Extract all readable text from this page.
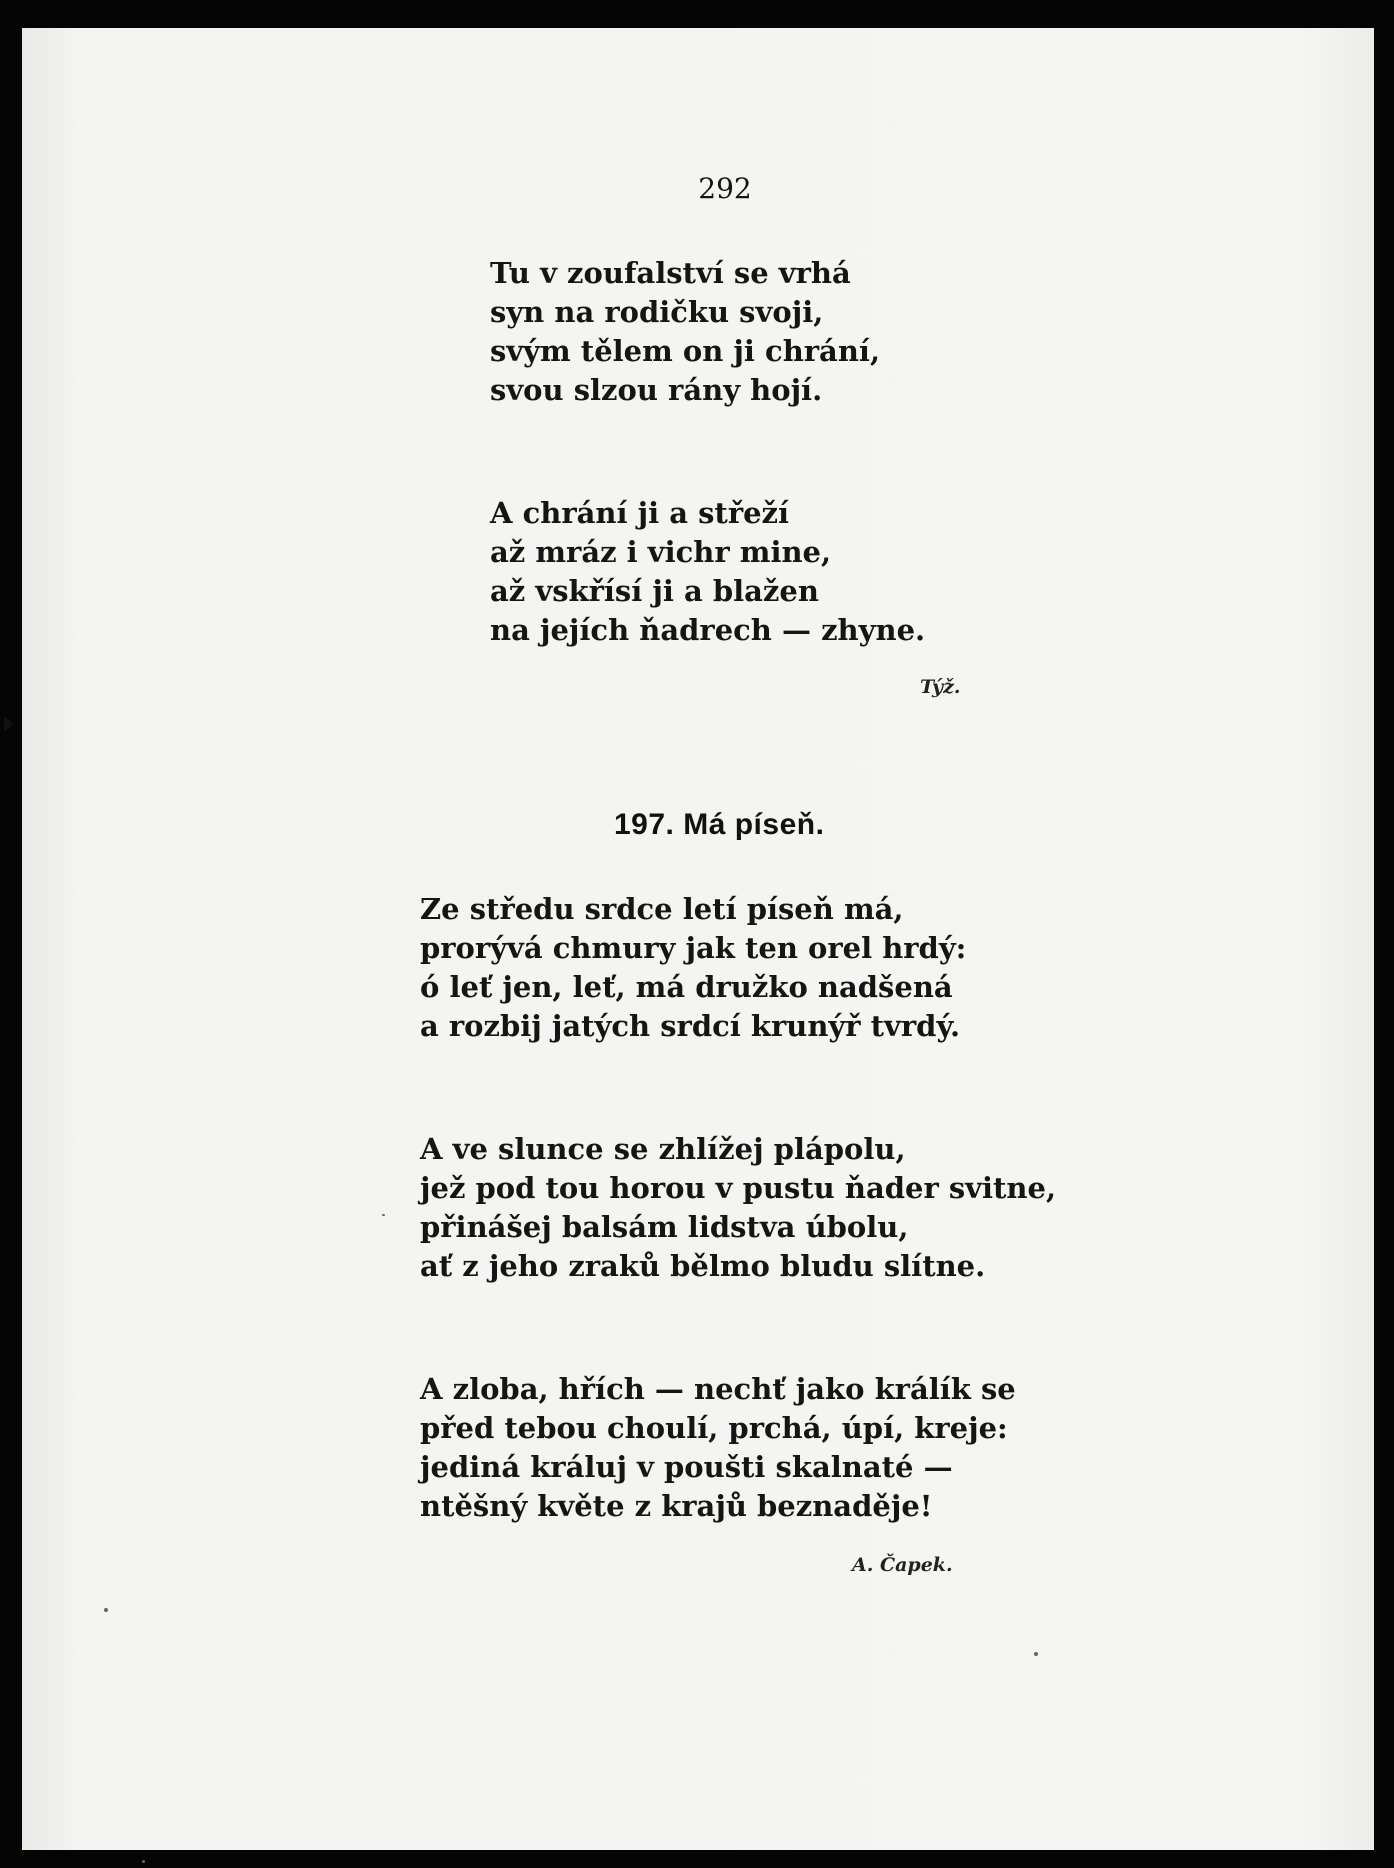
292
Tu v zoufalství se vrhá
syn na rodičku svoji,
svým tělem on ji chrání,
svou slzou rány hojí.
A chrání ji a střeží
až mráz i vichr mine,
až vskřísí ji a blažen
na jejích ňadrech — zhyne.
Týž.
197. Má píseň.
Ze středu srdce letí píseň má,
prorývá chmury jak ten orel hrdý:
ó leť jen, leť, má družko nadšená
a rozbij jatých srdcí krunýř tvrdý.
A ve slunce se zhlížej plápolu,
jež pod tou horou v pustu ňader svitne,
přinášej balsám lidstva úbolu,
ať z jeho zraků bělmo bludu slítne.
A zloba, hřích — nechť jako králík se
před tebou choulí, prchá, úpí, kreje:
jediná králuj v poušti skalnaté —
ntěšný květe z krajů beznaděje!
A. Čapek.
